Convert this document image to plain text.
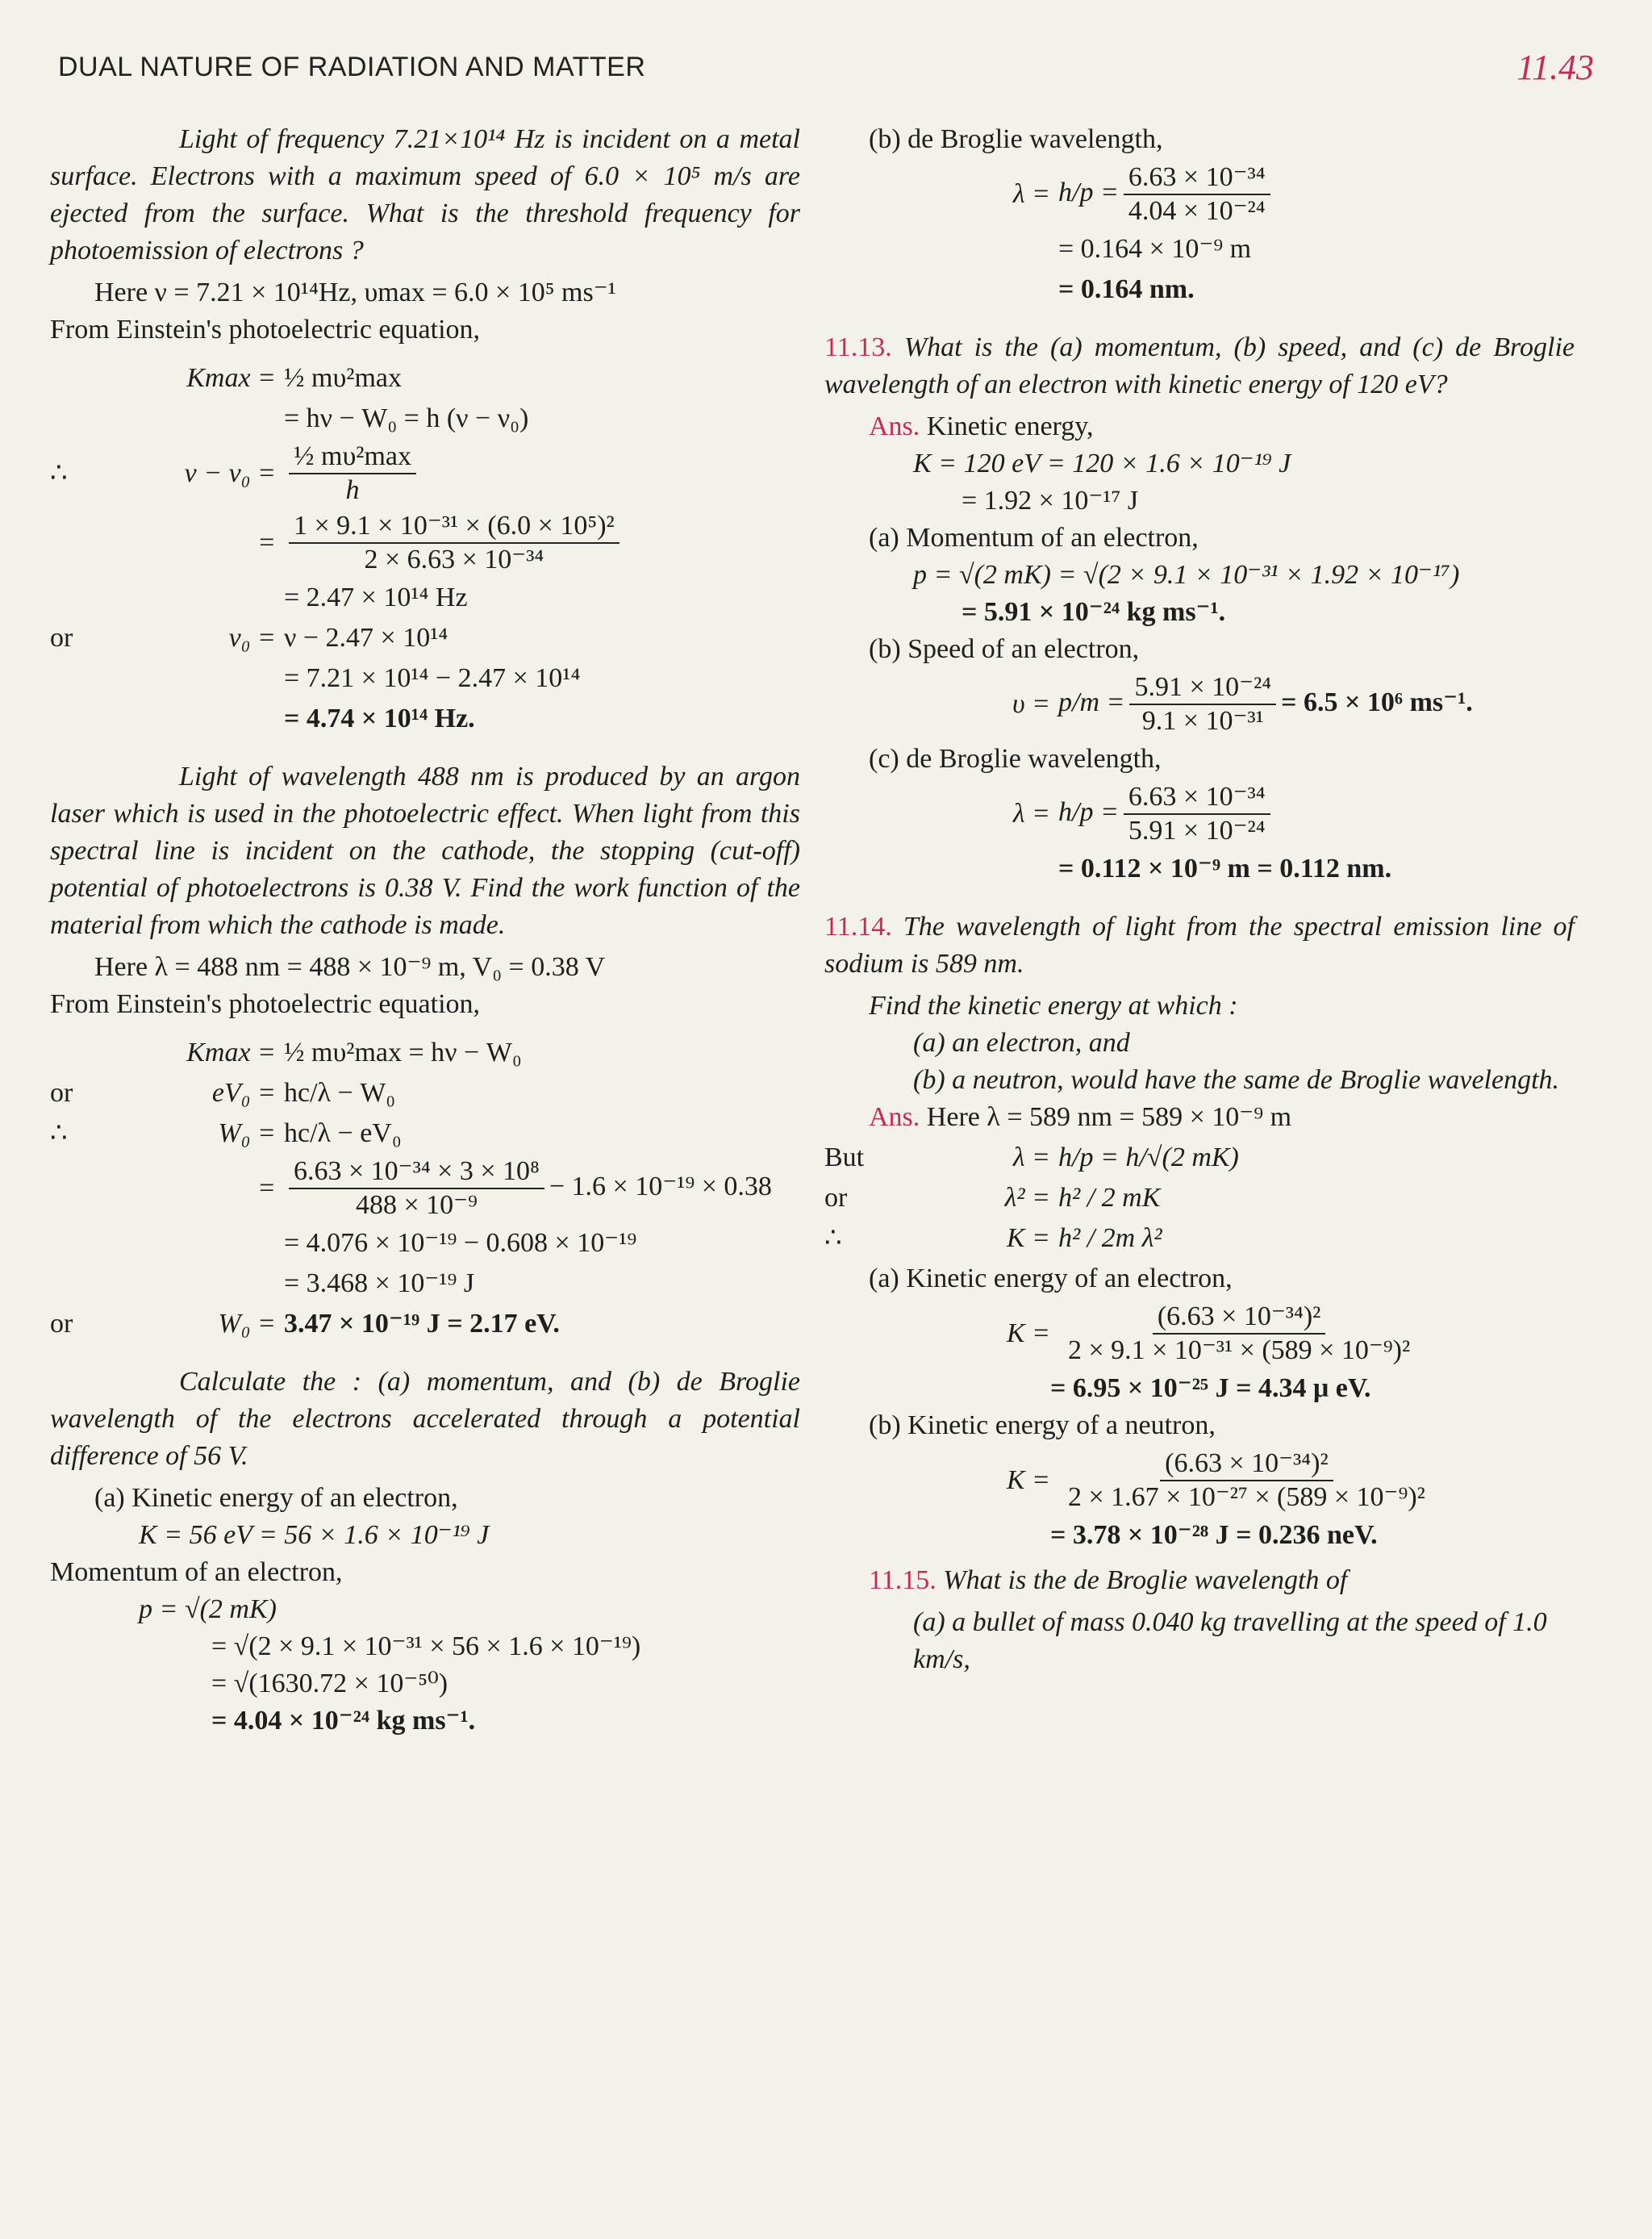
DUAL NATURE OF RADIATION AND MATTER	11.43

Light of frequency 7.21×10¹⁴ Hz is incident on a metal surface. Electrons with a maximum speed of 6.0 × 10⁵ m/s are ejected from the surface. What is the threshold frequency for photoemission of electrons ?

Here ν = 7.21 × 10¹⁴Hz, υmax = 6.0 × 10⁵ ms⁻¹

From Einstein's photoelectric equation,

Kmax = ½ mυ²max
= hν − W₀ = h (ν − ν₀)
∴	$\nu - \nu_0 = \frac{\text{½ mυ²max}}{h}$
= $\frac{\text{1 × 9.1 × 10⁻³¹ × (6.0 × 10⁵)²}}{\text{2 × 6.63 × 10⁻³⁴}}$
= 2.47 × 10¹⁴ Hz
or	ν₀ = ν − 2.47 × 10¹⁴
= 7.21 × 10¹⁴ − 2.47 × 10¹⁴
= 4.74 × 10¹⁴ Hz.

Light of wavelength 488 nm is produced by an argon laser which is used in the photoelectric effect. When light from this spectral line is incident on the cathode, the stopping (cut-off) potential of photoelectrons is 0.38 V. Find the work function of the material from which the cathode is made.

Here λ = 488 nm = 488 × 10⁻⁹ m, V₀ = 0.38 V

From Einstein's photoelectric equation,

Kmax = ½ mυ²max = hν − W₀
or	eV₀ = hc/λ − W₀
∴	W₀ = hc/λ − eV₀
= $\frac{\text{6.63 × 10⁻³⁴ × 3 × 10⁸}}{\text{488 × 10⁻⁹}} - 1.6 \times 10^{-19} \times 0.38$
= 4.076 × 10⁻¹⁹ − 0.608 × 10⁻¹⁹
= 3.468 × 10⁻¹⁹ J
or	W₀ = 3.47 × 10⁻¹⁹ J = 2.17 eV.

Calculate the : (a) momentum, and (b) de Broglie wavelength of the electrons accelerated through a potential difference of 56 V.

(a) Kinetic energy of an electron,

K = 56 eV = 56 × 1.6 × 10⁻¹⁹ J

Momentum of an electron,

p = √(2 mK)

= √(2 × 9.1 × 10⁻³¹ × 56 × 1.6 × 10⁻¹⁹)

= √(1630.72 × 10⁻⁵⁰)

= 4.04 × 10⁻²⁴ kg ms⁻¹.

(b) de Broglie wavelength,

$\lambda = h/p = \frac{\text{6.63 × 10⁻³⁴}}{\text{4.04 × 10⁻²⁴}}$
= 0.164 × 10⁻⁹ m
= 0.164 nm.

11.13. What is the (a) momentum, (b) speed, and (c) de Broglie wavelength of an electron with kinetic energy of 120 eV?

Ans. Kinetic energy,

K = 120 eV = 120 × 1.6 × 10⁻¹⁹ J

= 1.92 × 10⁻¹⁷ J

(a) Momentum of an electron,

p = √(2 mK) = √(2 × 9.1 × 10⁻³¹ × 1.92 × 10⁻¹⁷)

= 5.91 × 10⁻²⁴ kg ms⁻¹.

(b) Speed of an electron,

$\upsilon = p/m = \frac{\text{5.91 × 10⁻²⁴}}{\text{9.1 × 10⁻³¹}} = 6.5 \times 10^6$ ms⁻¹.

(c) de Broglie wavelength,

$\lambda = h/p = \frac{\text{6.63 × 10⁻³⁴}}{\text{5.91 × 10⁻²⁴}}$
= 0.112 × 10⁻⁹ m = 0.112 nm.

11.14. The wavelength of light from the spectral emission line of sodium is 589 nm.

Find the kinetic energy at which :

(a) an electron, and

(b) a neutron, would have the same de Broglie wavelength.

Ans. Here λ = 589 nm = 589 × 10⁻⁹ m

But	λ = h/p = h/√(2 mK)
or	λ² = h² / 2 mK
∴	K = h² / 2m λ²

(a) Kinetic energy of an electron,

$K = \frac{\text{(6.63 × 10⁻³⁴)²}}{\text{2 × 9.1 × 10⁻³¹ × (589 × 10⁻⁹)²}}$

= 6.95 × 10⁻²⁵ J = 4.34 μ eV.

(b) Kinetic energy of a neutron,

$K = \frac{\text{(6.63 × 10⁻³⁴)²}}{\text{2 × 1.67 × 10⁻²⁷ × (589 × 10⁻⁹)²}}$

= 3.78 × 10⁻²⁸ J = 0.236 neV.

11.15. What is the de Broglie wavelength of

(a) a bullet of mass 0.040 kg travelling at the speed of 1.0 km/s,
